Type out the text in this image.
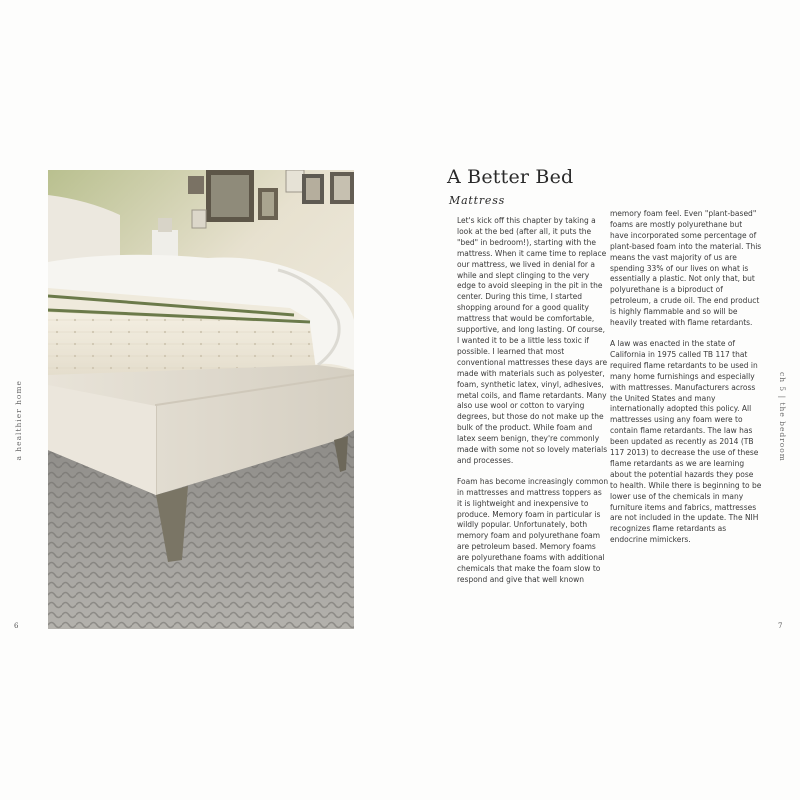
a healthier home
6
A Better Bed
Mattress

Let's kick off this chapter by taking a look at the bed (after all, it puts the "bed" in bedroom!), starting with the mattress. When it came time to replace our mattress, we lived in denial for a while and slept clinging to the very edge to avoid sleeping in the pit in the center. During this time, I started shopping around for a good quality mattress that would be comfortable, supportive, and long lasting. Of course, I wanted it to be a little less toxic if possible. I learned that most conventional mattresses these days are made with materials such as polyester, foam, synthetic latex, vinyl, adhesives, metal coils, and flame retardants. Many also use wool or cotton to varying degrees, but those do not make up the bulk of the product. While foam and latex seem benign, they're commonly made with some not so lovely materials and processes.

Foam has become increasingly common in mattresses and mattress toppers as it is lightweight and inexpensive to produce. Memory foam in particular is wildly popular. Unfortunately, both memory foam and polyurethane foam are petroleum based. Memory foams are polyurethane foams with additional chemicals that make the foam slow to respond and give that well known

memory foam feel. Even "plant-based" foams are mostly polyurethane but have incorporated some percentage of plant-based foam into the material. This means the vast majority of us are spending 33% of our lives on what is essentially a plastic. Not only that, but polyurethane is a biproduct of petroleum, a crude oil. The end product is highly flammable and so will be heavily treated with flame retardants.

A law was enacted in the state of California in 1975 called TB 117 that required flame retardants to be used in many home furnishings and especially with mattresses. Manufacturers across the United States and many internationally adopted this policy. All mattresses using any foam were to contain flame retardants. The law has been updated as recently as 2014 (TB 117 2013) to decrease the use of these flame retardants as we are learning about the potential hazards they pose to health. While there is beginning to be lower use of the chemicals in many furniture items and fabrics, mattresses are not included in the update. The NIH recognizes flame retardants as endocrine mimickers.

ch 5 | the bedroom
7
